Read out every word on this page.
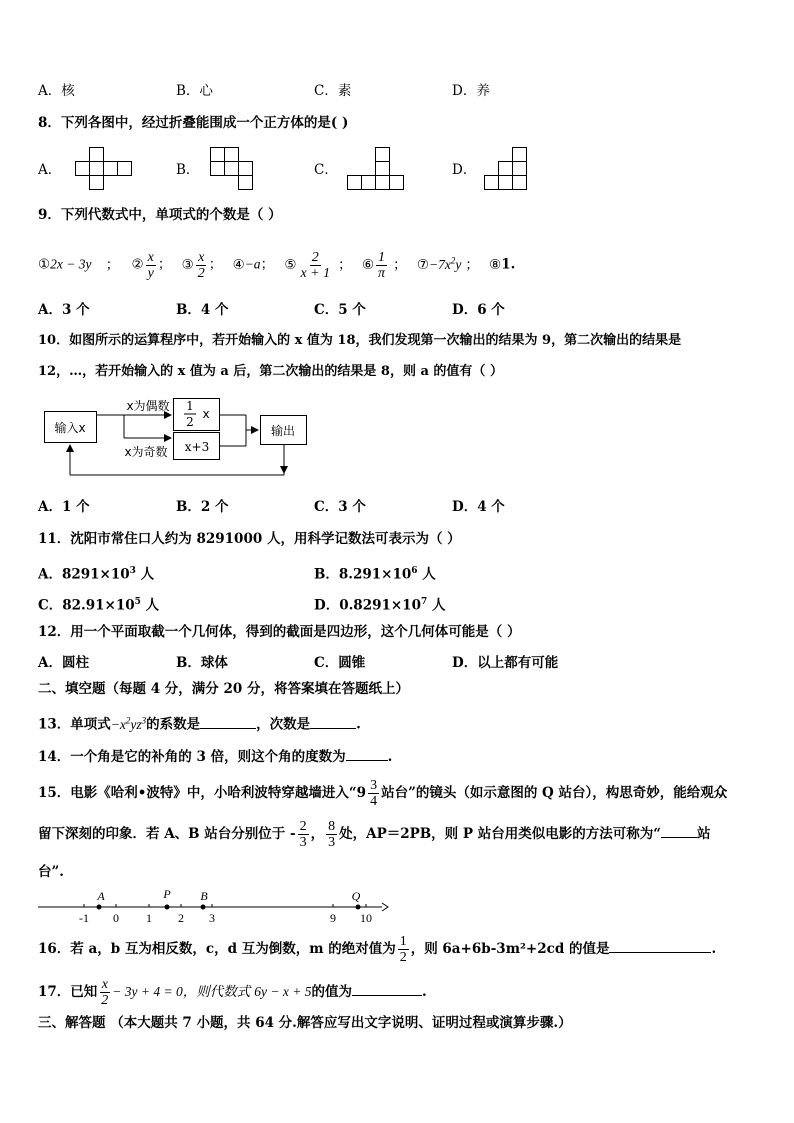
A．核	B．心	C．素	D．养
8．下列各图中，经过折叠能围成一个正方体的是( )
A．	B．	C．	D．
9．下列代数式中，单项式的个数是（ ）
①2x − 3y ； ② $\frac{x}{y}$ ； ③ $\frac{x}{2}$ ； ④−a； ⑤ $\frac{2}{x + 1}$ ； ⑥ $\frac{1}{\pi}$ ； $⑦-7x^2y$ ； ⑧1.
A．3 个	B．4 个	C．5 个	D．6 个
10．如图所示的运算程序中，若开始输入的 x 值为 18，我们发现第一次输出的结果为 9，第二次输出的结果是
12，…，若开始输入的 x 值为 a 后，第二次输出的结果是 8，则 a 的值有（ ）
输入x
x为偶数
x为奇数
1
2
x
x+3
输出
A．1 个	B．2 个	C．3 个	D．4 个
11．沈阳市常住口人约为 8291000 人，用科学记数法可表示为（ ）
A．$8291\times 10^3$ 人	B．$8.291\times 10^6$ 人
C．$82.91\times 10^5$ 人	D．$0.8291\times 10^7$ 人
12．用一个平面取截一个几何体，得到的截面是四边形，这个几何体可能是（ ）
A．圆柱	B．球体	C．圆锥	D．以上都有可能
二、填空题（每题 4 分，满分 20 分，将答案填在答题纸上）
13．单项式$-x^2yz^3$的系数是	，次数是	.
14．一个角是它的补角的 3 倍，则这个角的度数为	.
15．电影《哈利•波特》中，小哈利波特穿越墙进入“$9 \frac{3}{4}$ 站台”的镜头（如示意图的 Q 站台），构思奇妙，能给观众
留下深刻的印象．若 A、B 站台分别位于 - $\frac{2}{3}$ ， $\frac{8}{3}$ 处，AP＝2PB，则 P 站台用类似电影的方法可称为“	站
台”.
-1 0 1 2 3	9 10
A	P B	Q
16．若 a，b 互为相反数，c，d 互为倒数，m 的绝对值为 $\frac{1}{2}$ ，则 6a+6b-3m²+2cd 的值是	.
17．已知 $\frac{x}{2} - 3y + 4 = 0$，则代数式 6y − x + 5的值为	.
三、解答题 （本大题共 7 小题，共 64 分.解答应写出文字说明、证明过程或演算步骤.）
